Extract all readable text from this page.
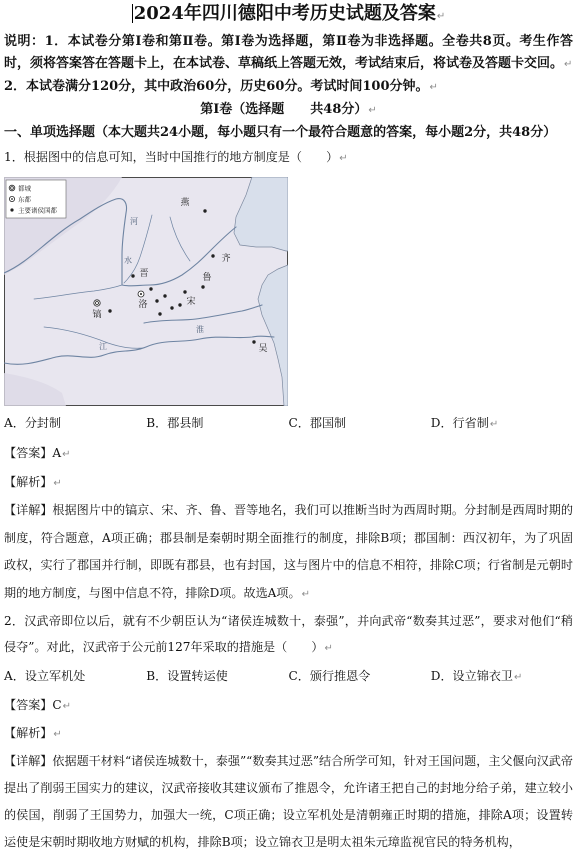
2024年四川德阳中考历史试题及答案↵
说明：1．本试卷分第Ⅰ卷和第Ⅱ卷。第Ⅰ卷为选择题，第Ⅱ卷为非选择题。全卷共8页。考生作答时，须将答案答在答题卡上，在本试卷、草稿纸上答题无效，考试结束后，将试卷及答题卡交回。↵
2．本试卷满分120分，其中政治60分，历史60分。考试时间100分钟。↵
第Ⅰ卷（选择题　　共48分）↵
一、单项选择题（本大题共24小题，每小题只有一个最符合题意的答案，每小题2分，共48分）
1．根据图中的信息可知，当时中国推行的地方制度是（　　）↵
都城
东都
主要诸侯国都
燕
齐
鲁
晋
宋
洛
镐
吴
河
水
淮
江
A．分封制	B．郡县制	C．郡国制	D．行省制↵
【答案】A↵
【解析】↵
【详解】根据图片中的镐京、宋、齐、鲁、晋等地名，我们可以推断当时为西周时期。分封制是西周时期的制度，符合题意，A项正确；郡县制是秦朝时期全面推行的制度，排除B项；郡国制：西汉初年，为了巩固政权，实行了郡国并行制，即既有郡县，也有封国，这与图片中的信息不相符，排除C项；行省制是元朝时期的地方制度，与图中信息不符，排除D项。故选A项。↵
2．汉武帝即位以后，就有不少朝臣认为“诸侯连城数十，泰强”，并向武帝“数奏其过恶”，要求对他们“稍侵夺”。对此，汉武帝于公元前127年采取的措施是（　　）↵
A．设立军机处	B．设置转运使	C．颁行推恩令	D．设立锦衣卫↵
【答案】C↵
【解析】↵
【详解】依据题干材料“诸侯连城数十，泰强”“数奏其过恶”结合所学可知，针对王国问题，主父偃向汉武帝提出了削弱王国实力的建议，汉武帝接收其建议颁布了推恩令，允许诸王把自己的封地分给子弟，建立较小的侯国，削弱了王国势力，加强大一统，C项正确；设立军机处是清朝雍正时期的措施，排除A项；设置转运使是宋朝时期收地方财赋的机构，排除B项；设立锦衣卫是明太祖朱元璋监视官民的特务机构，
